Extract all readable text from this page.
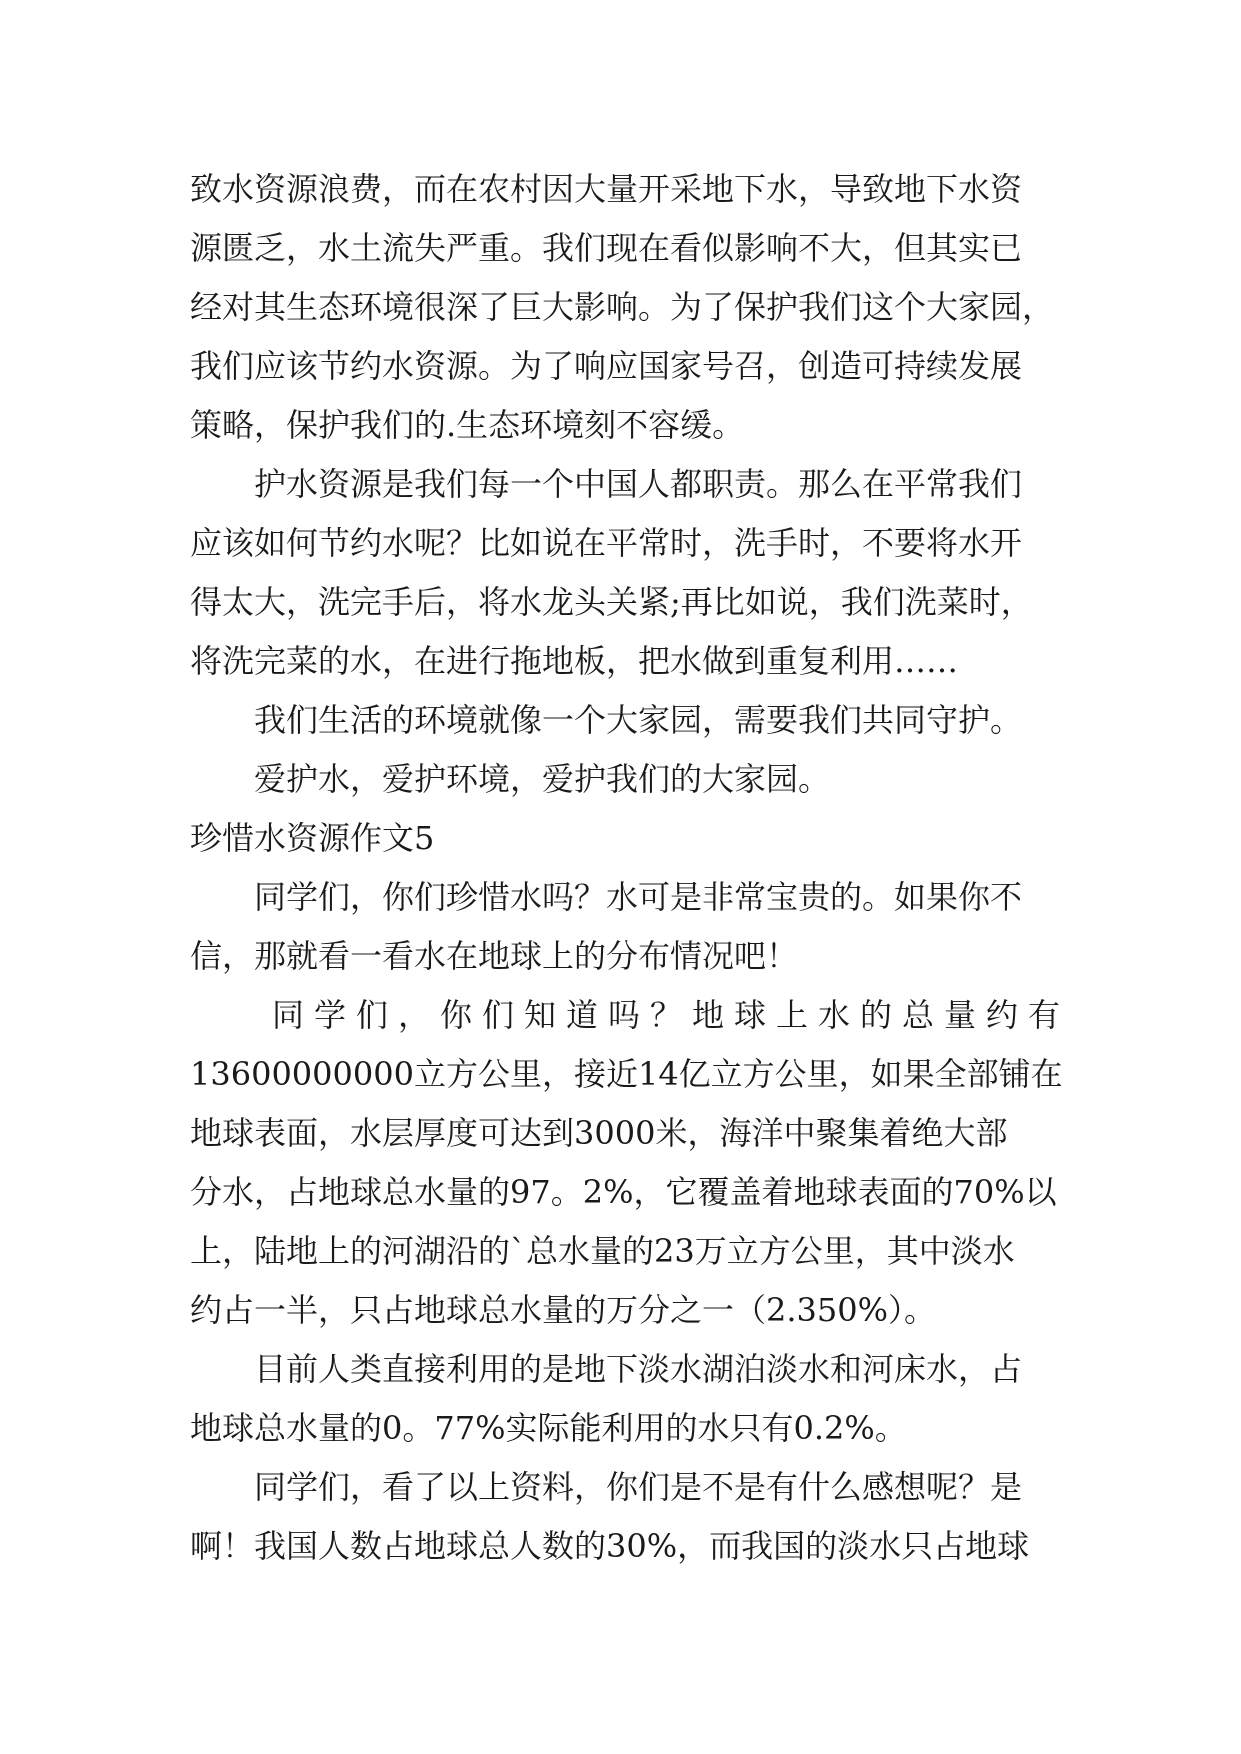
致水资源浪费，而在农村因大量开采地下水，导致地下水资
源匮乏，水土流失严重。我们现在看似影响不大，但其实已
经对其生态环境很深了巨大影响。为了保护我们这个大家园，
我们应该节约水资源。为了响应国家号召，创造可持续发展
策略，保护我们的.生态环境刻不容缓。
护水资源是我们每一个中国人都职责。那么在平常我们
应该如何节约水呢？比如说在平常时，洗手时，不要将水开
得太大，洗完手后，将水龙头关紧;再比如说，我们洗菜时，
将洗完菜的水，在进行拖地板，把水做到重复利用……
我们生活的环境就像一个大家园，需要我们共同守护。
爱护水，爱护环境，爱护我们的大家园。
珍惜水资源作文5
同学们，你们珍惜水吗？水可是非常宝贵的。如果你不
信，那就看一看水在地球上的分布情况吧！
同学们，你们知道吗？地球上水的总量约有
13600000000立方公里，接近14亿立方公里，如果全部铺在
地球表面，水层厚度可达到3000米，海洋中聚集着绝大部
分水，占地球总水量的97。2%，它覆盖着地球表面的70%以
上，陆地上的河湖沿的`总水量的23万立方公里，其中淡水
约占一半，只占地球总水量的万分之一（2.350%）。
目前人类直接利用的是地下淡水湖泊淡水和河床水，占
地球总水量的0。77%实际能利用的水只有0.2%。
同学们，看了以上资料，你们是不是有什么感想呢？是
啊！我国人数占地球总人数的30%，而我国的淡水只占地球
